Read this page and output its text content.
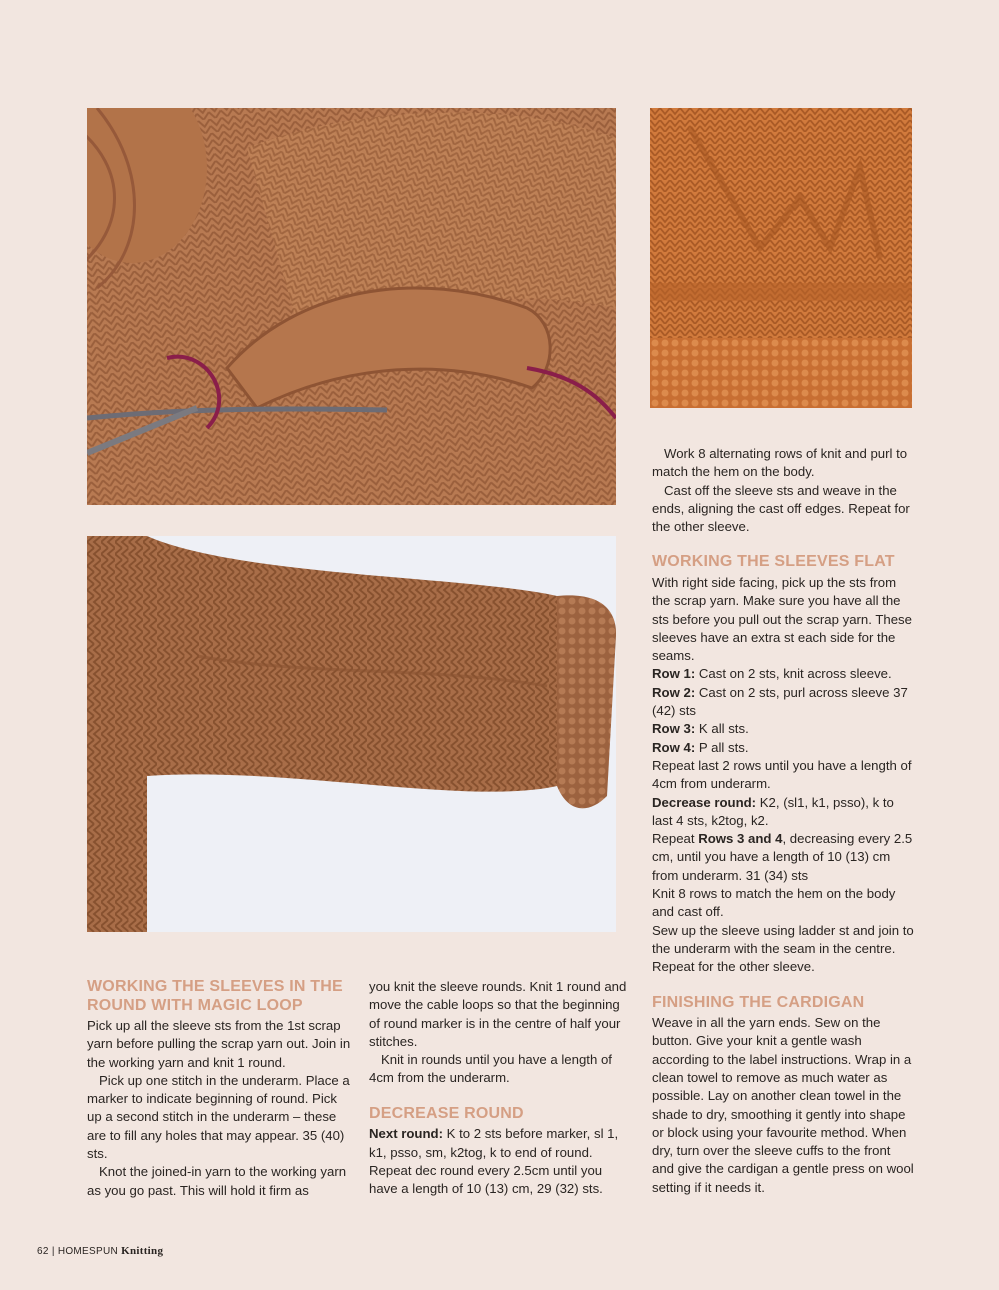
WORKING THE SLEEVES IN THE ROUND WITH MAGIC LOOP

Pick up all the sleeve sts from the 1st scrap yarn before pulling the scrap yarn out. Join in the working yarn and knit 1 round.

Pick up one stitch in the underarm. Place a marker to indicate beginning of round. Pick up a second stitch in the underarm – these are to fill any holes that may appear. 35 (40) sts.

Knot the joined-in yarn to the working yarn as you go past. This will hold it firm as

you knit the sleeve rounds. Knit 1 round and move the cable loops so that the beginning of round marker is in the centre of half your stitches.

Knit in rounds until you have a length of 4cm from the underarm.

DECREASE ROUND

Next round: K to 2 sts before marker, sl 1, k1, psso, sm, k2tog, k to end of round. Repeat dec round every 2.5cm until you have a length of 10 (13) cm, 29 (32) sts.

Work 8 alternating rows of knit and purl to match the hem on the body.

Cast off the sleeve sts and weave in the ends, aligning the cast off edges. Repeat for the other sleeve.

WORKING THE SLEEVES FLAT

With right side facing, pick up the sts from the scrap yarn. Make sure you have all the sts before you pull out the scrap yarn. These sleeves have an extra st each side for the seams.

Row 1: Cast on 2 sts, knit across sleeve.

Row 2: Cast on 2 sts, purl across sleeve 37 (42) sts

Row 3: K all sts.

Row 4: P all sts.

Repeat last 2 rows until you have a length of 4cm from underarm.

Decrease round: K2, (sl1, k1, psso), k to last 4 sts, k2tog, k2.

Repeat Rows 3 and 4, decreasing every 2.5 cm, until you have a length of 10 (13) cm from underarm. 31 (34) sts

Knit 8 rows to match the hem on the body and cast off.

Sew up the sleeve using ladder st and join to the underarm with the seam in the centre. Repeat for the other sleeve.

FINISHING THE CARDIGAN

Weave in all the yarn ends. Sew on the button. Give your knit a gentle wash according to the label instructions. Wrap in a clean towel to remove as much water as possible. Lay on another clean towel in the shade to dry, smoothing it gently into shape or block using your favourite method. When dry, turn over the sleeve cuffs to the front and give the cardigan a gentle press on wool setting if it needs it.

62 | HOMESPUN Knitting
